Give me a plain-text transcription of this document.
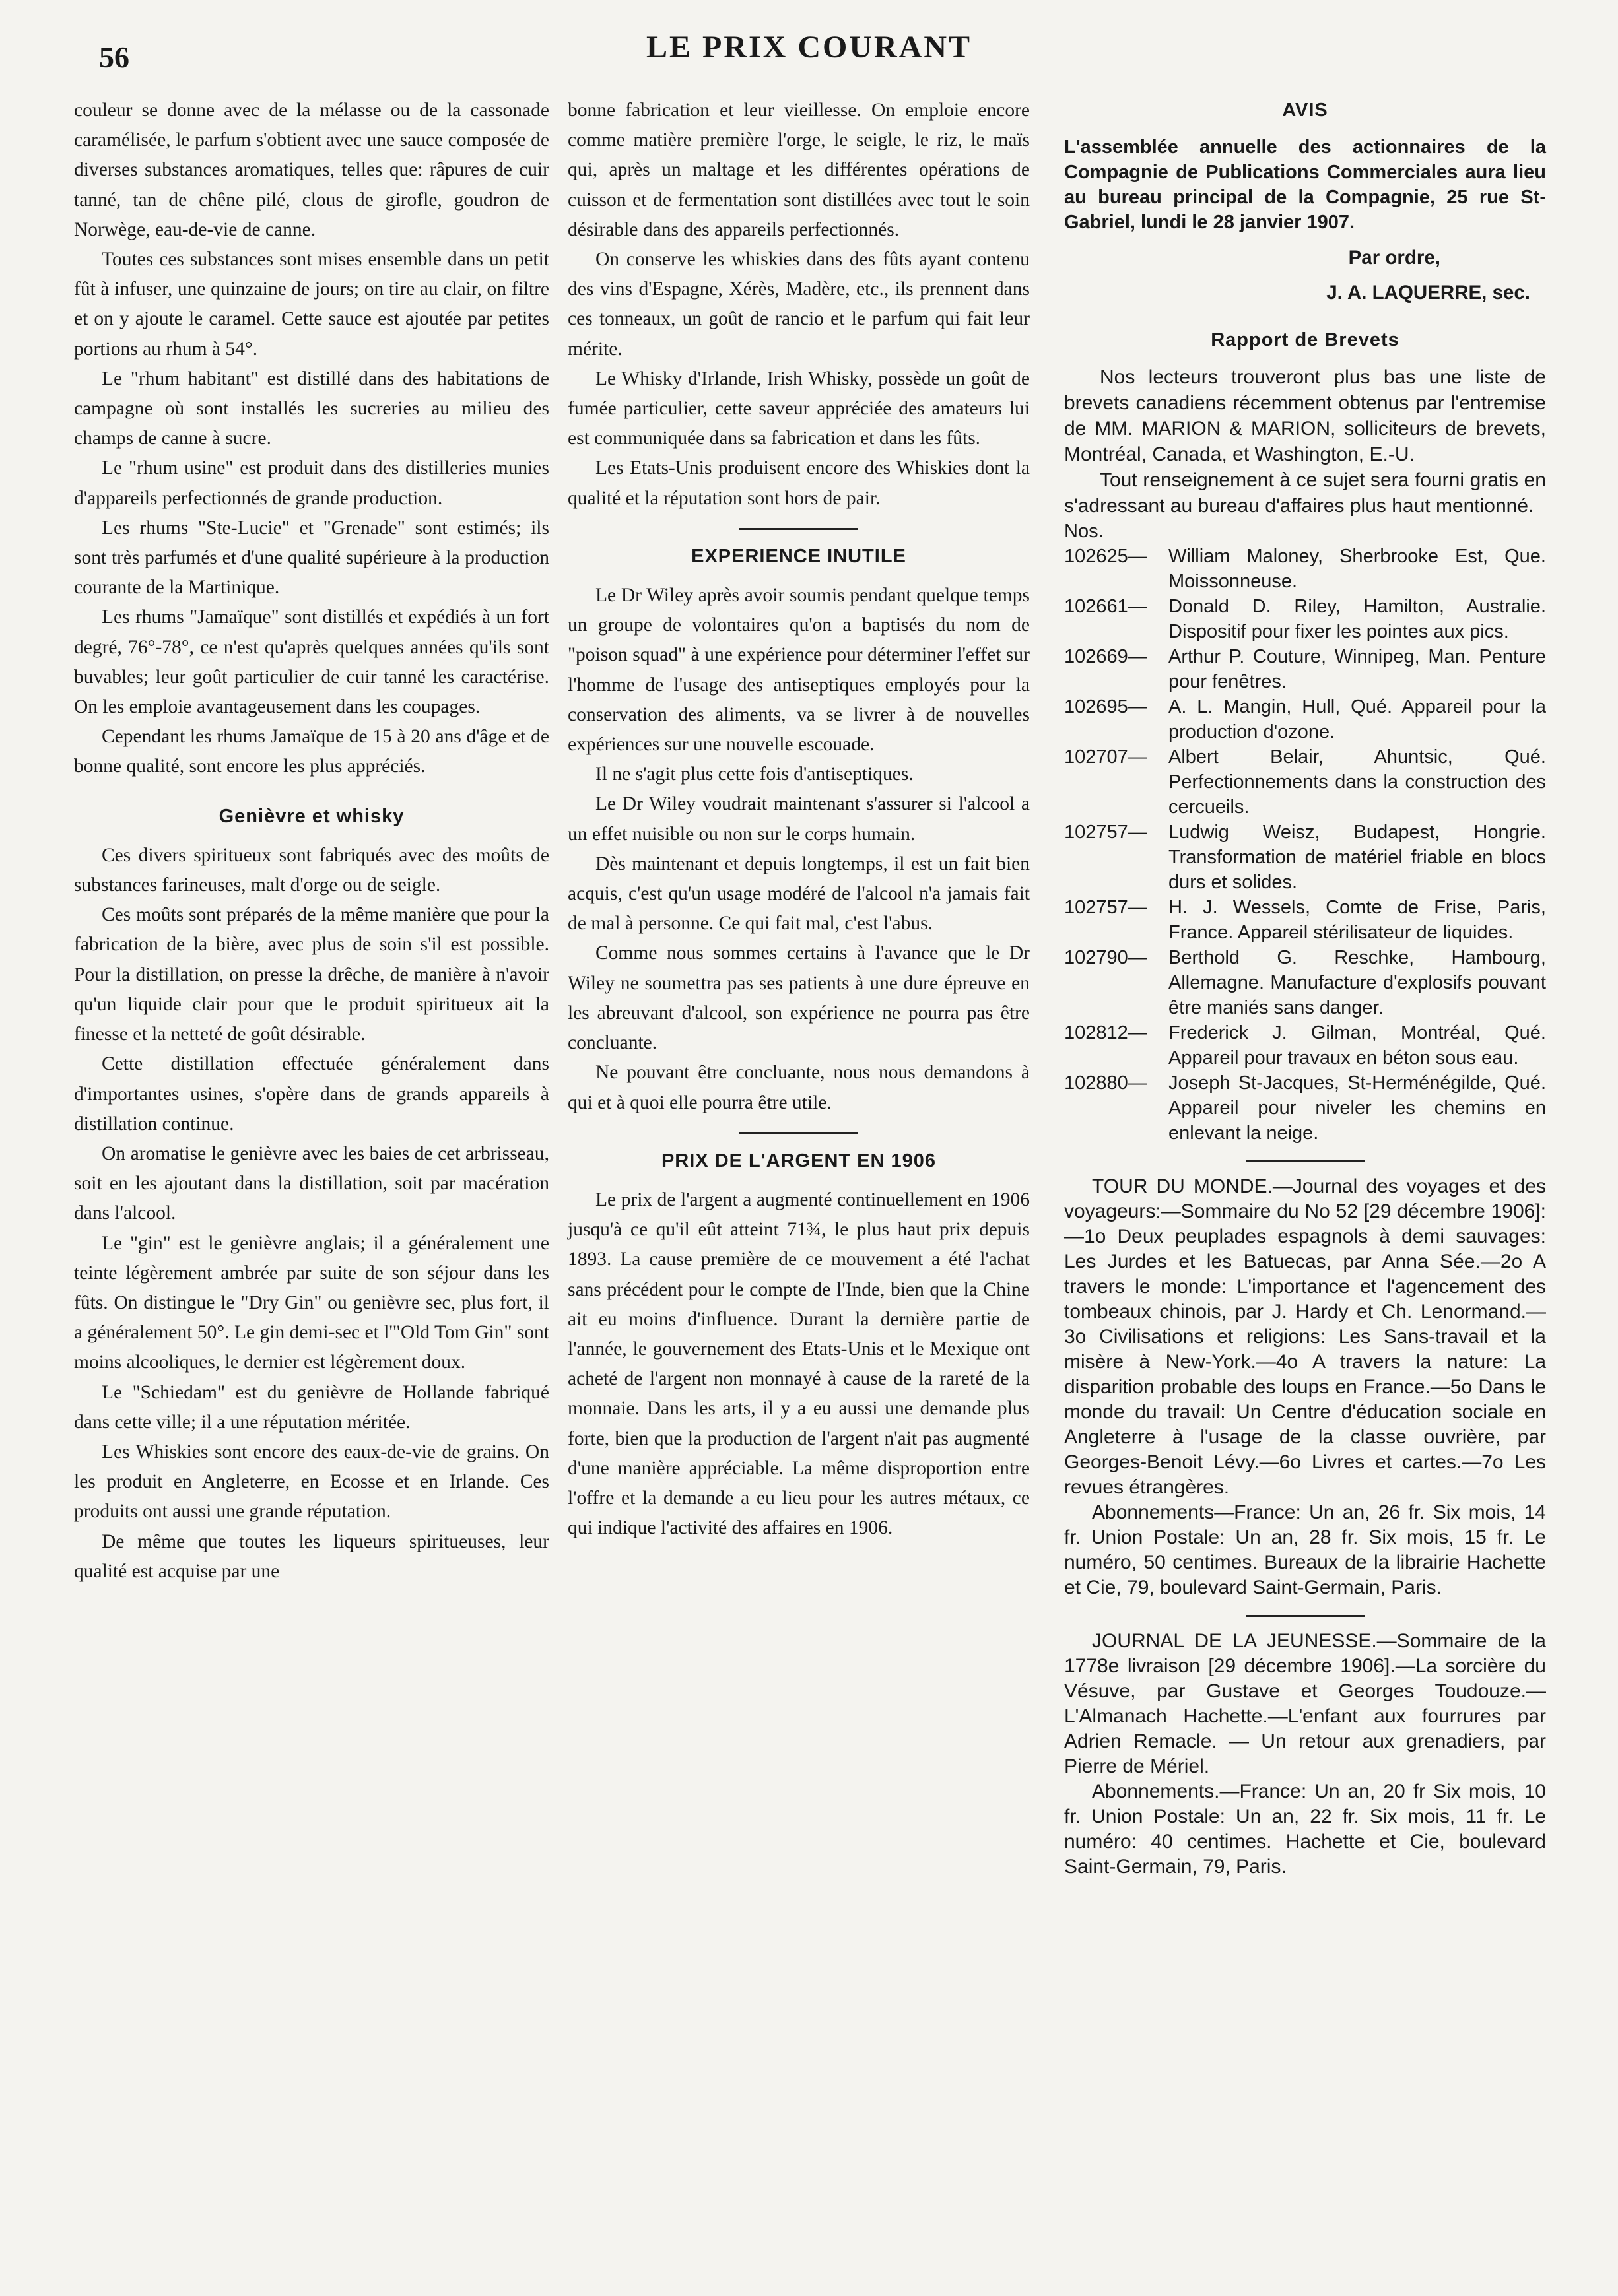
56	LE PRIX COURANT

couleur se donne avec de la mélasse ou de la cassonade caramélisée, le parfum s'obtient avec une sauce composée de diverses substances aromatiques, telles que: râpures de cuir tanné, tan de chêne pilé, clous de girofle, goudron de Norwège, eau-de-vie de canne.

Toutes ces substances sont mises ensemble dans un petit fût à infuser, une quinzaine de jours; on tire au clair, on filtre et on y ajoute le caramel. Cette sauce est ajoutée par petites portions au rhum à 54°.

Le "rhum habitant" est distillé dans des habitations de campagne où sont installés les sucreries au milieu des champs de canne à sucre.

Le "rhum usine" est produit dans des distilleries munies d'appareils perfectionnés de grande production.

Les rhums "Ste-Lucie" et "Grenade" sont estimés; ils sont très parfumés et d'une qualité supérieure à la production courante de la Martinique.

Les rhums "Jamaïque" sont distillés et expédiés à un fort degré, 76°-78°, ce n'est qu'après quelques années qu'ils sont buvables; leur goût particulier de cuir tanné les caractérise. On les emploie avantageusement dans les coupages.

Cependant les rhums Jamaïque de 15 à 20 ans d'âge et de bonne qualité, sont encore les plus appréciés.

Genièvre et whisky

Ces divers spiritueux sont fabriqués avec des moûts de substances farineuses, malt d'orge ou de seigle.

Ces moûts sont préparés de la même manière que pour la fabrication de la bière, avec plus de soin s'il est possible. Pour la distillation, on presse la drêche, de manière à n'avoir qu'un liquide clair pour que le produit spiritueux ait la finesse et la netteté de goût désirable.

Cette distillation effectuée généralement dans d'importantes usines, s'opère dans de grands appareils à distillation continue.

On aromatise le genièvre avec les baies de cet arbrisseau, soit en les ajoutant dans la distillation, soit par macération dans l'alcool.

Le "gin" est le genièvre anglais; il a généralement une teinte légèrement ambrée par suite de son séjour dans les fûts. On distingue le "Dry Gin" ou genièvre sec, plus fort, il a généralement 50°. Le gin demi-sec et l'"Old Tom Gin" sont moins alcooliques, le dernier est légèrement doux.

Le "Schiedam" est du genièvre de Hollande fabriqué dans cette ville; il a une réputation méritée.

Les Whiskies sont encore des eaux-de-vie de grains. On les produit en Angleterre, en Ecosse et en Irlande. Ces produits ont aussi une grande réputation.

De même que toutes les liqueurs spiritueuses, leur qualité est acquise par une

bonne fabrication et leur vieillesse. On emploie encore comme matière première l'orge, le seigle, le riz, le maïs qui, après un maltage et les différentes opérations de cuisson et de fermentation sont distillées avec tout le soin désirable dans des appareils perfectionnés.

On conserve les whiskies dans des fûts ayant contenu des vins d'Espagne, Xérès, Madère, etc., ils prennent dans ces tonneaux, un goût de rancio et le parfum qui fait leur mérite.

Le Whisky d'Irlande, Irish Whisky, possède un goût de fumée particulier, cette saveur appréciée des amateurs lui est communiquée dans sa fabrication et dans les fûts.

Les Etats-Unis produisent encore des Whiskies dont la qualité et la réputation sont hors de pair.

EXPERIENCE INUTILE

Le Dr Wiley après avoir soumis pendant quelque temps un groupe de volontaires qu'on a baptisés du nom de "poison squad" à une expérience pour déterminer l'effet sur l'homme de l'usage des antiseptiques employés pour la conservation des aliments, va se livrer à de nouvelles expériences sur une nouvelle escouade.

Il ne s'agit plus cette fois d'antiseptiques.

Le Dr Wiley voudrait maintenant s'assurer si l'alcool a un effet nuisible ou non sur le corps humain.

Dès maintenant et depuis longtemps, il est un fait bien acquis, c'est qu'un usage modéré de l'alcool n'a jamais fait de mal à personne. Ce qui fait mal, c'est l'abus.

Comme nous sommes certains à l'avance que le Dr Wiley ne soumettra pas ses patients à une dure épreuve en les abreuvant d'alcool, son expérience ne pourra pas être concluante.

Ne pouvant être concluante, nous nous demandons à qui et à quoi elle pourra être utile.

PRIX DE L'ARGENT EN 1906

Le prix de l'argent a augmenté continuellement en 1906 jusqu'à ce qu'il eût atteint 71¾, le plus haut prix depuis 1893. La cause première de ce mouvement a été l'achat sans précédent pour le compte de l'Inde, bien que la Chine ait eu moins d'influence. Durant la dernière partie de l'année, le gouvernement des Etats-Unis et le Mexique ont acheté de l'argent non monnayé à cause de la rareté de la monnaie. Dans les arts, il y a eu aussi une demande plus forte, bien que la production de l'argent n'ait pas augmenté d'une manière appréciable. La même disproportion entre l'offre et la demande a eu lieu pour les autres métaux, ce qui indique l'activité des affaires en 1906.

AVIS

L'assemblée annuelle des actionnaires de la Compagnie de Publications Commerciales aura lieu au bureau principal de la Compagnie, 25 rue St-Gabriel, lundi le 28 janvier 1907.

Par ordre,

J. A. LAQUERRE, sec.

Rapport de Brevets

Nos lecteurs trouveront plus bas une liste de brevets canadiens récemment obtenus par l'entremise de MM. MARION & MARION, solliciteurs de brevets, Montréal, Canada, et Washington, E.-U.

Tout renseignement à ce sujet sera fourni gratis en s'adressant au bureau d'affaires plus haut mentionné.

Nos.

102625— William Maloney, Sherbrooke Est, Que. Moissonneuse.
102661— Donald D. Riley, Hamilton, Australie. Dispositif pour fixer les pointes aux pics.
102669— Arthur P. Couture, Winnipeg, Man. Penture pour fenêtres.
102695— A. L. Mangin, Hull, Qué. Appareil pour la production d'ozone.
102707— Albert Belair, Ahuntsic, Qué. Perfectionnements dans la construction des cercueils.
102757— Ludwig Weisz, Budapest, Hongrie. Transformation de matériel friable en blocs durs et solides.
102757— H. J. Wessels, Comte de Frise, Paris, France. Appareil stérilisateur de liquides.
102790— Berthold G. Reschke, Hambourg, Allemagne. Manufacture d'explosifs pouvant être maniés sans danger.
102812— Frederick J. Gilman, Montréal, Qué. Appareil pour travaux en béton sous eau.
102880— Joseph St-Jacques, St-Herménégilde, Qué. Appareil pour niveler les chemins en enlevant la neige.

TOUR DU MONDE.—Journal des voyages et des voyageurs:—Sommaire du No 52 [29 décembre 1906]:—1o Deux peuplades espagnols à demi sauvages: Les Jurdes et les Batuecas, par Anna Sée.—2o A travers le monde: L'importance et l'agencement des tombeaux chinois, par J. Hardy et Ch. Lenormand.—3o Civilisations et religions: Les Sans-travail et la misère à New-York.—4o A travers la nature: La disparition probable des loups en France.—5o Dans le monde du travail: Un Centre d'éducation sociale en Angleterre à l'usage de la classe ouvrière, par Georges-Benoit Lévy.—6o Livres et cartes.—7o Les revues étrangères.

Abonnements—France: Un an, 26 fr. Six mois, 14 fr. Union Postale: Un an, 28 fr. Six mois, 15 fr. Le numéro, 50 centimes. Bureaux de la librairie Hachette et Cie, 79, boulevard Saint-Germain, Paris.

JOURNAL DE LA JEUNESSE.—Sommaire de la 1778e livraison [29 décembre 1906].—La sorcière du Vésuve, par Gustave et Georges Toudouze.—L'Almanach Hachette.—L'enfant aux fourrures par Adrien Remacle. — Un retour aux grenadiers, par Pierre de Mériel.

Abonnements.—France: Un an, 20 fr Six mois, 10 fr. Union Postale: Un an, 22 fr. Six mois, 11 fr. Le numéro: 40 centimes. Hachette et Cie, boulevard Saint-Germain, 79, Paris.
